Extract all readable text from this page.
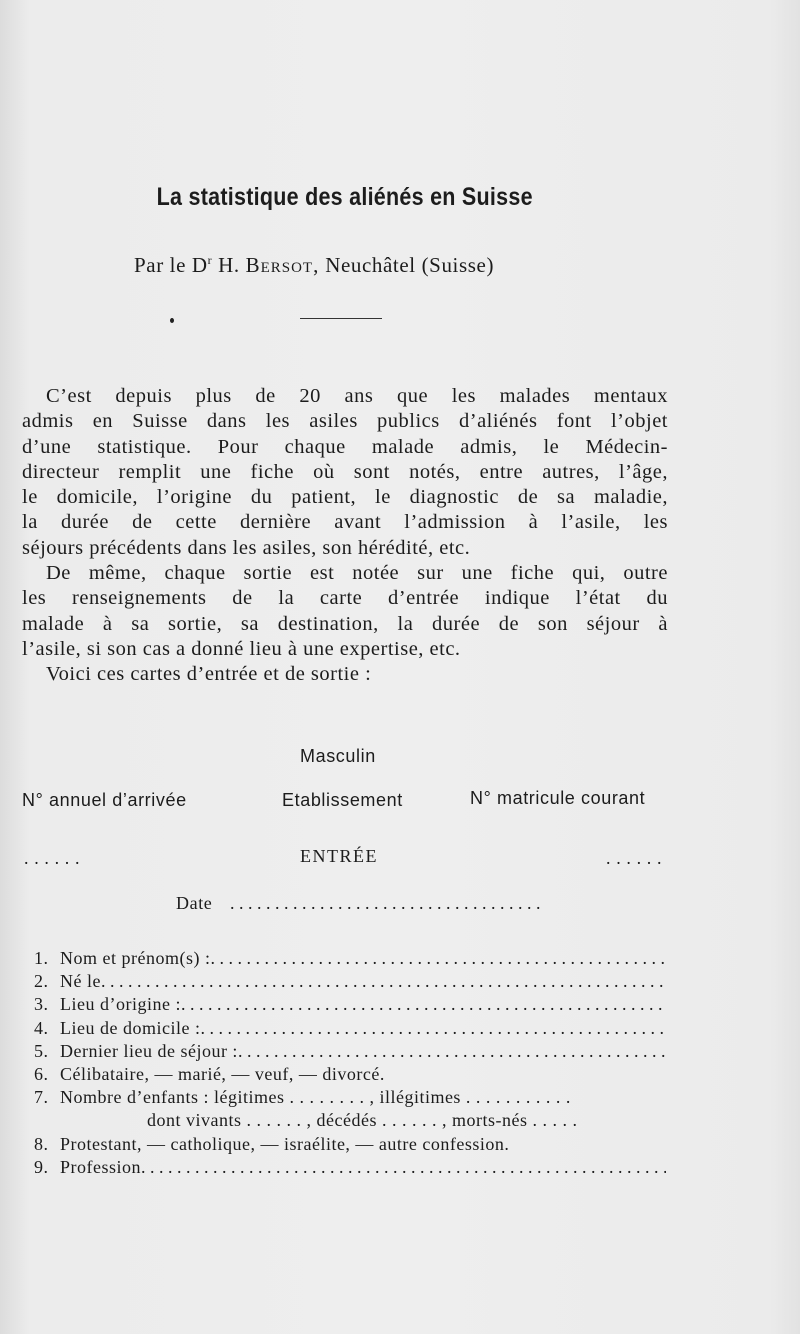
La statistique des aliénés en Suisse
Par le $D^r$ H. Bersot, Neuchâtel (Suisse)
C’est depuis plus de 20 ans que les malades mentaux
admis en Suisse dans les asiles publics d’aliénés font l’objet
d’une statistique. Pour chaque malade admis, le Médecin-
directeur remplit une fiche où sont notés, entre autres, l’âge,
le domicile, l’origine du patient, le diagnostic de sa maladie,
la durée de cette dernière avant l’admission à l’asile, les
séjours précédents dans les asiles, son hérédité, etc.
De même, chaque sortie est notée sur une fiche qui, outre
les renseignements de la carte d’entrée indique l’état du
malade à sa sortie, sa destination, la durée de son séjour à
l’asile, si son cas a donné lieu à une expertise, etc.
Voici ces cartes d’entrée et de sortie :
Masculin
N° annuel d’arrivée	Etablissement	N° matricule courant
. . . . . .	ENTRÉE	. . . . . .
Date . . . . . . . . . . . . . . . . . . . . . . . . . . . . . . . . . . .
1. Nom et prénom(s) :
. . .
2. Né le
. . .
3. Lieu d’origine :
. . .
4. Lieu de domicile :
. . .
5. Dernier lieu de séjour :
. . .
6. Célibataire, — marié, — veuf, — divorcé.
7. Nombre d’enfants : légitimes . . . . . . . . , illégitimes . . . . . . . . . . .
dont vivants . . . . . . , décédés . . . . . . , morts-nés . . . . .
8. Protestant, — catholique, — israélite, — autre confession.
9. Profession
. . .
